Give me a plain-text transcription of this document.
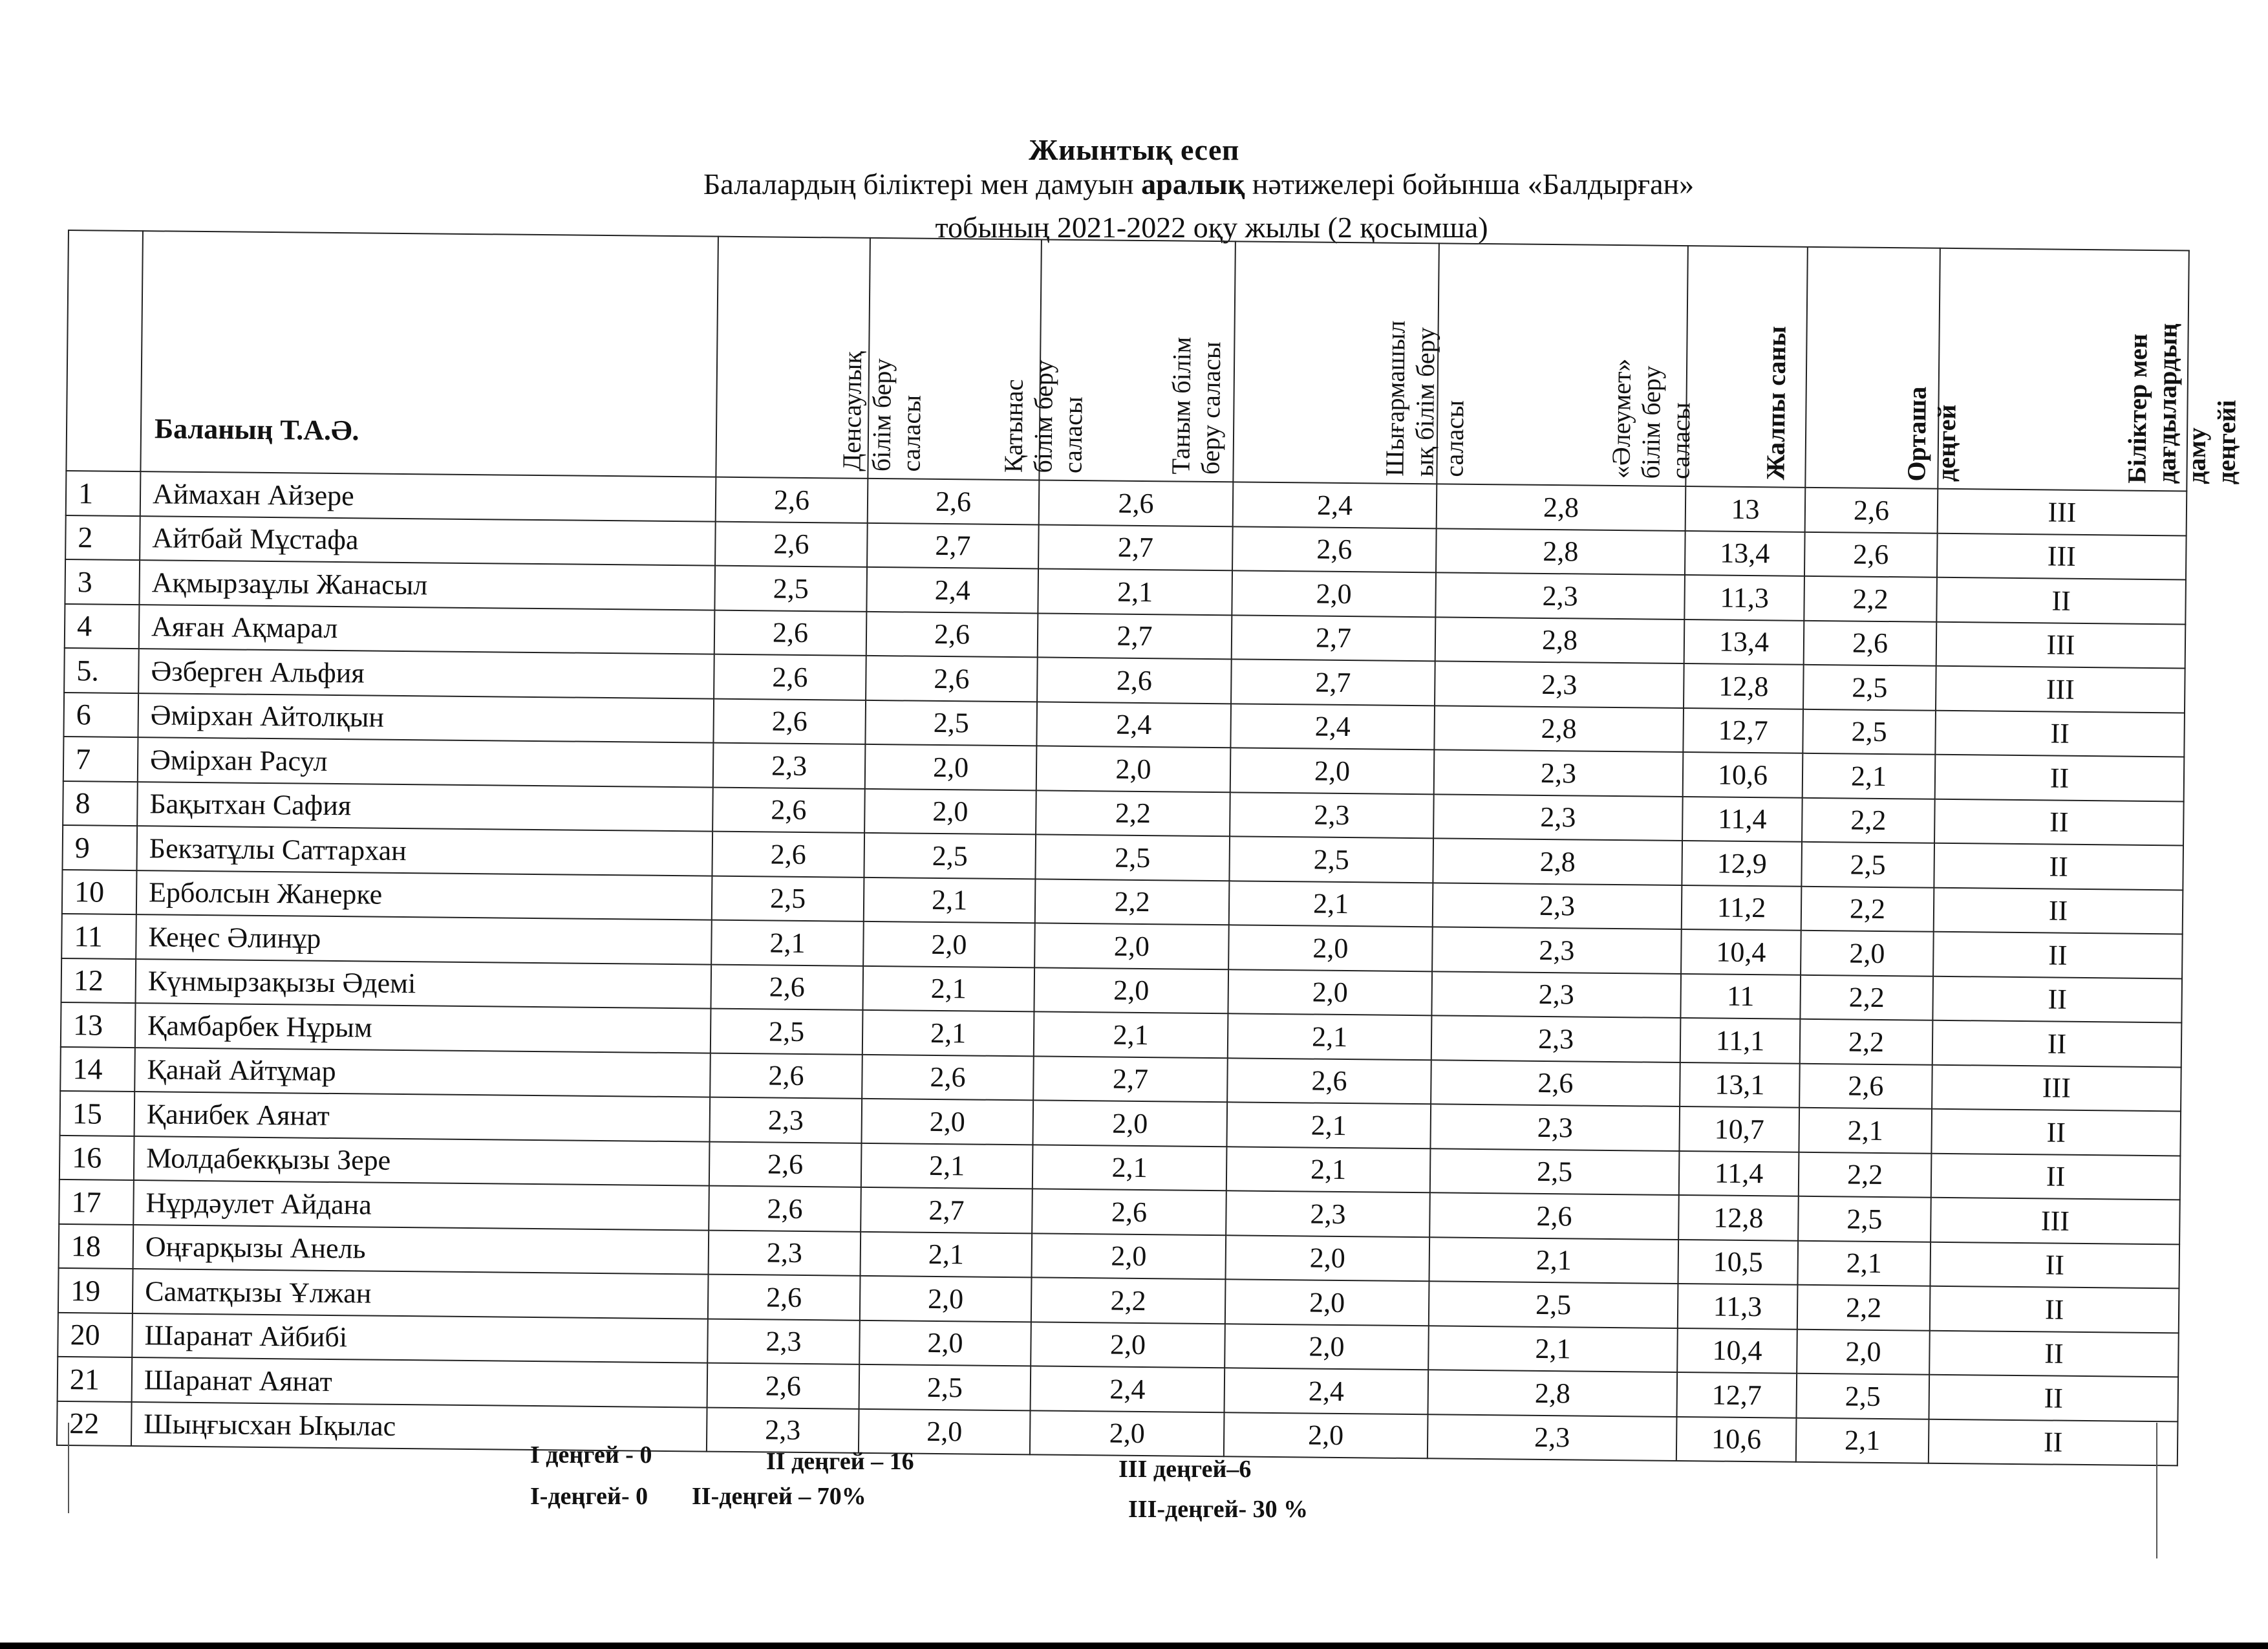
Жиынтық есеп
Балалардың біліктері мен дамуын аралық нәтижелері бойынша «Балдырған»
тобының 2021-2022 оқу жылы (2 қосымша)
	Баланың Т.А.Ә.	Денсаулық
білім беру
саласы	Қатынас
білім беру
саласы	Таным білім
беру саласы	Шығармашыл
ық білім беру
саласы	«Әлеумет»
білім беру
саласы	Жалпы саны	Орташа
деңгей	Біліктер мен
дағдылардың
даму
деңгейі

1	Аймахан Айзере	2,6	2,6	2,6	2,4	2,8	13	2,6	III
2	Айтбай Мұстафа	2,6	2,7	2,7	2,6	2,8	13,4	2,6	III
3	Ақмырзаұлы Жанасыл	2,5	2,4	2,1	2,0	2,3	11,3	2,2	II
4	Аяған Ақмарал	2,6	2,6	2,7	2,7	2,8	13,4	2,6	III
5.	Әзберген Альфия	2,6	2,6	2,6	2,7	2,3	12,8	2,5	III
6	Әмірхан Айтолқын	2,6	2,5	2,4	2,4	2,8	12,7	2,5	II
7	Әмірхан Расул	2,3	2,0	2,0	2,0	2,3	10,6	2,1	II
8	Бақытхан Сафия	2,6	2,0	2,2	2,3	2,3	11,4	2,2	II
9	Бекзатұлы Саттархан	2,6	2,5	2,5	2,5	2,8	12,9	2,5	II
10	Ерболсын Жанерке	2,5	2,1	2,2	2,1	2,3	11,2	2,2	II
11	Кеңес Әлинұр	2,1	2,0	2,0	2,0	2,3	10,4	2,0	II
12	Күнмырзақызы Әдемі	2,6	2,1	2,0	2,0	2,3	11	2,2	II
13	Қамбарбек Нұрым	2,5	2,1	2,1	2,1	2,3	11,1	2,2	II
14	Қанай Айтұмар	2,6	2,6	2,7	2,6	2,6	13,1	2,6	III
15	Қанибек Аянат	2,3	2,0	2,0	2,1	2,3	10,7	2,1	II
16	Молдабекқызы Зере	2,6	2,1	2,1	2,1	2,5	11,4	2,2	II
17	Нұрдәулет Айдана	2,6	2,7	2,6	2,3	2,6	12,8	2,5	III
18	Оңғарқызы Анель	2,3	2,1	2,0	2,0	2,1	10,5	2,1	II
19	Саматқызы Ұлжан	2,6	2,0	2,2	2,0	2,5	11,3	2,2	II
20	Шаранат Айбибі	2,3	2,0	2,0	2,0	2,1	10,4	2,0	II
21	Шаранат Аянат	2,6	2,5	2,4	2,4	2,8	12,7	2,5	II
22	Шыңғысхан Ықылас	2,3	2,0	2,0	2,0	2,3	10,6	2,1	II

I деңгей - 0	II деңгей – 16	III деңгей–6
I-деңгей- 0 II-деңгей – 70%	III-деңгей- 30 %
